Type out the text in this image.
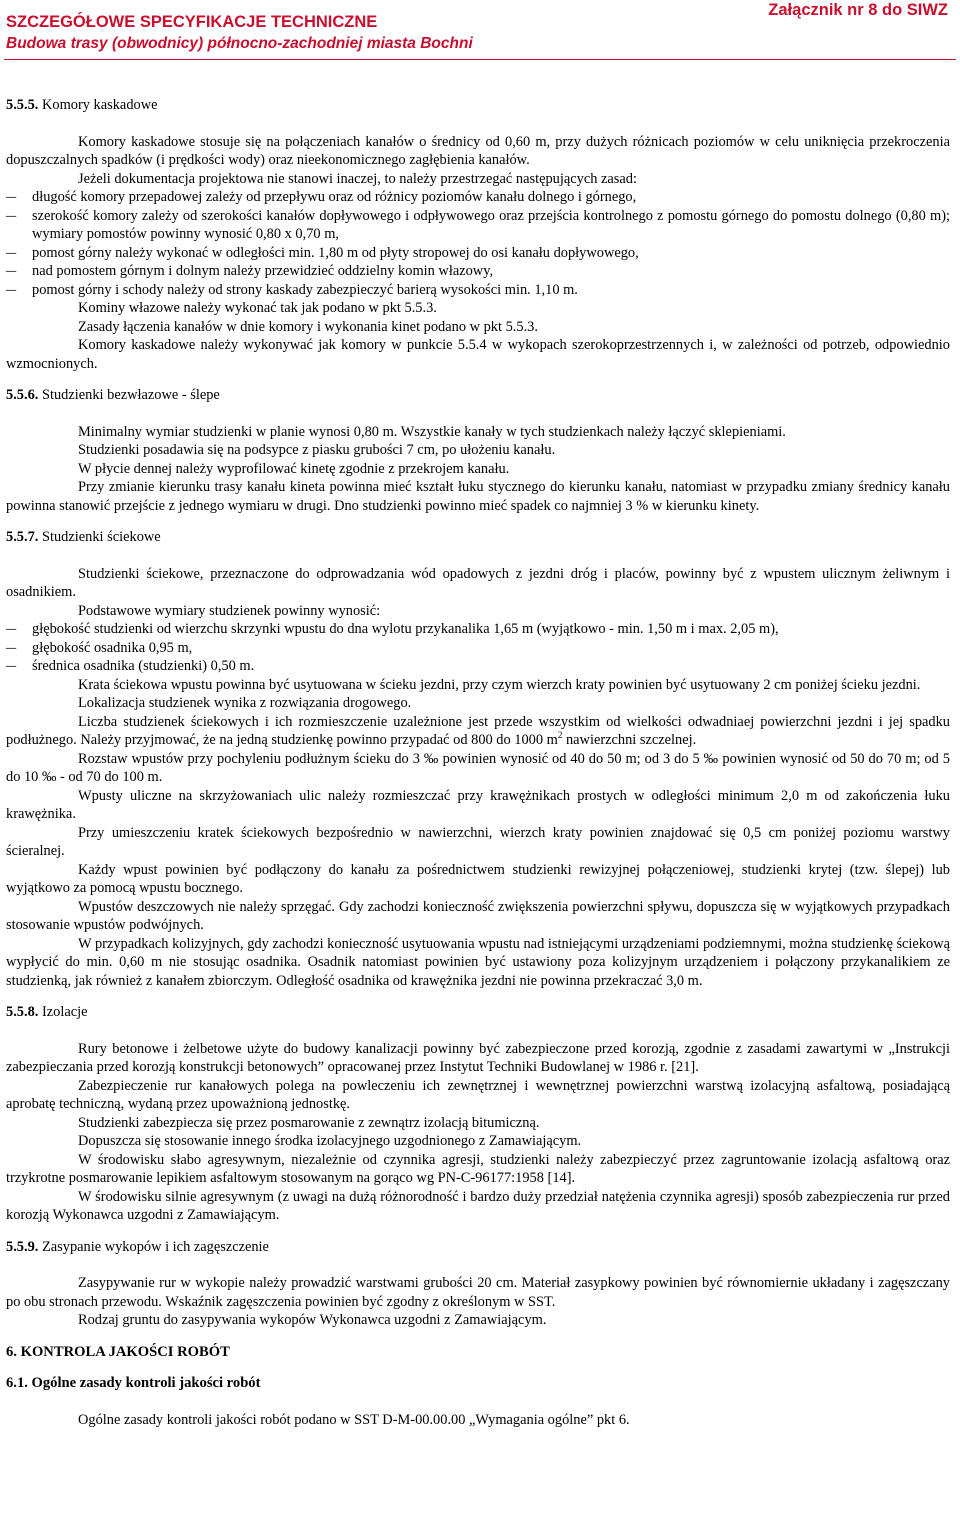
SZCZEGÓŁOWE SPECYFIKACJE TECHNICZNE
Budowa trasy (obwodnicy) północno-zachodniej miasta Bochni
Załącznik nr 8 do SIWZ
5.5.5. Komory kaskadowe

Komory kaskadowe stosuje się na połączeniach kanałów o średnicy od 0,60 m, przy dużych różnicach poziomów w celu uniknięcia przekroczenia dopuszczalnych spadków (i prędkości wody) oraz nieekonomicznego zagłębienia kanałów.

Jeżeli dokumentacja projektowa nie stanowi inaczej, to należy przestrzegać następujących zasad:

– długość komory przepadowej zależy od przepływu oraz od różnicy poziomów kanału dolnego i górnego,
– szerokość komory zależy od szerokości kanałów dopływowego i odpływowego oraz przejścia kontrolnego z pomostu górnego do pomostu dolnego (0,80 m); wymiary pomostów powinny wynosić 0,80 x 0,70 m,
– pomost górny należy wykonać w odległości min. 1,80 m od płyty stropowej do osi kanału dopływowego,
– nad pomostem górnym i dolnym należy przewidzieć oddzielny komin włazowy,
– pomost górny i schody należy od strony kaskady zabezpieczyć barierą wysokości min. 1,10 m.

Kominy włazowe należy wykonać tak jak podano w pkt 5.5.3.

Zasady łączenia kanałów w dnie komory i wykonania kinet podano w pkt 5.5.3.

Komory kaskadowe należy wykonywać jak komory w punkcie 5.5.4 w wykopach szerokoprzestrzennych i, w zależności od potrzeb, odpowiednio wzmocnionych.

5.5.6. Studzienki bezwłazowe - ślepe

Minimalny wymiar studzienki w planie wynosi 0,80 m. Wszystkie kanały w tych studzienkach należy łączyć sklepieniami.

Studzienki posadawia się na podsypce z piasku grubości 7 cm, po ułożeniu kanału.

W płycie dennej należy wyprofilować kinetę zgodnie z przekrojem kanału.

Przy zmianie kierunku trasy kanału kineta powinna mieć kształt łuku stycznego do kierunku kanału, natomiast w przypadku zmiany średnicy kanału powinna stanowić przejście z jednego wymiaru w drugi. Dno studzienki powinno mieć spadek co najmniej 3 % w kierunku kinety.

5.5.7. Studzienki ściekowe

Studzienki ściekowe, przeznaczone do odprowadzania wód opadowych z jezdni dróg i placów, powinny być z wpustem ulicznym żeliwnym i osadnikiem.

Podstawowe wymiary studzienek powinny wynosić:

– głębokość studzienki od wierzchu skrzynki wpustu do dna wylotu przykanalika 1,65 m (wyjątkowo - min. 1,50 m i max. 2,05 m),
– głębokość osadnika 0,95 m,
– średnica osadnika (studzienki) 0,50 m.

Krata ściekowa wpustu powinna być usytuowana w ścieku jezdni, przy czym wierzch kraty powinien być usytuowany 2 cm poniżej ścieku jezdni.

Lokalizacja studzienek wynika z rozwiązania drogowego.

Liczba studzienek ściekowych i ich rozmieszczenie uzależnione jest przede wszystkim od wielkości odwadniaej powierzchni jezdni i jej spadku podłużnego. Należy przyjmować, że na jedną studzienkę powinno przypadać od 800 do 1000 $m^2$ nawierzchni szczelnej.

Rozstaw wpustów przy pochyleniu podłużnym ścieku do 3 ‰ powinien wynosić od 40 do 50 m; od 3 do 5 ‰ powinien wynosić od 50 do 70 m; od 5 do 10 ‰ - od 70 do 100 m.

Wpusty uliczne na skrzyżowaniach ulic należy rozmieszczać przy krawężnikach prostych w odległości minimum 2,0 m od zakończenia łuku krawężnika.

Przy umieszczeniu kratek ściekowych bezpośrednio w nawierzchni, wierzch kraty powinien znajdować się 0,5 cm poniżej poziomu warstwy ścieralnej.

Każdy wpust powinien być podłączony do kanału za pośrednictwem studzienki rewizyjnej połączeniowej, studzienki krytej (tzw. ślepej) lub wyjątkowo za pomocą wpustu bocznego.

Wpustów deszczowych nie należy sprzęgać. Gdy zachodzi konieczność zwiększenia powierzchni spływu, dopuszcza się w wyjątkowych przypadkach stosowanie wpustów podwójnych.

W przypadkach kolizyjnych, gdy zachodzi konieczność usytuowania wpustu nad istniejącymi urządzeniami podziemnymi, można studzienkę ściekową wypłycić do min. 0,60 m nie stosując osadnika. Osadnik natomiast powinien być ustawiony poza kolizyjnym urządzeniem i połączony przykanalikiem ze studzienką, jak również z kanałem zbiorczym. Odległość osadnika od krawężnika jezdni nie powinna przekraczać 3,0 m.

5.5.8. Izolacje

Rury betonowe i żelbetowe użyte do budowy kanalizacji powinny być zabezpieczone przed korozją, zgodnie z zasadami zawartymi w „Instrukcji zabezpieczania przed korozją konstrukcji betonowych” opracowanej przez Instytut Techniki Budowlanej w 1986 r. [21].

Zabezpieczenie rur kanałowych polega na powleczeniu ich zewnętrznej i wewnętrznej powierzchni warstwą izolacyjną asfaltową, posiadającą aprobatę techniczną, wydaną przez upoważnioną jednostkę.

Studzienki zabezpiecza się przez posmarowanie z zewnątrz izolacją bitumiczną.

Dopuszcza się stosowanie innego środka izolacyjnego uzgodnionego z Zamawiającym.

W środowisku słabo agresywnym, niezależnie od czynnika agresji, studzienki należy zabezpieczyć przez zagruntowanie izolacją asfaltową oraz trzykrotne posmarowanie lepikiem asfaltowym stosowanym na gorąco wg PN-C-96177:1958 [14].

W środowisku silnie agresywnym (z uwagi na dużą różnorodność i bardzo duży przedział natężenia czynnika agresji) sposób zabezpieczenia rur przed korozją Wykonawca uzgodni z Zamawiającym.

5.5.9. Zasypanie wykopów i ich zagęszczenie

Zasypywanie rur w wykopie należy prowadzić warstwami grubości 20 cm. Materiał zasypkowy powinien być równomiernie układany i zagęszczany po obu stronach przewodu. Wskaźnik zagęszczenia powinien być zgodny z określonym w SST.

Rodzaj gruntu do zasypywania wykopów Wykonawca uzgodni z Zamawiającym.

6. KONTROLA JAKOŚCI ROBÓT
6.1. Ogólne zasady kontroli jakości robót

Ogólne zasady kontroli jakości robót podano w SST D-M-00.00.00 „Wymagania ogólne” pkt 6.
